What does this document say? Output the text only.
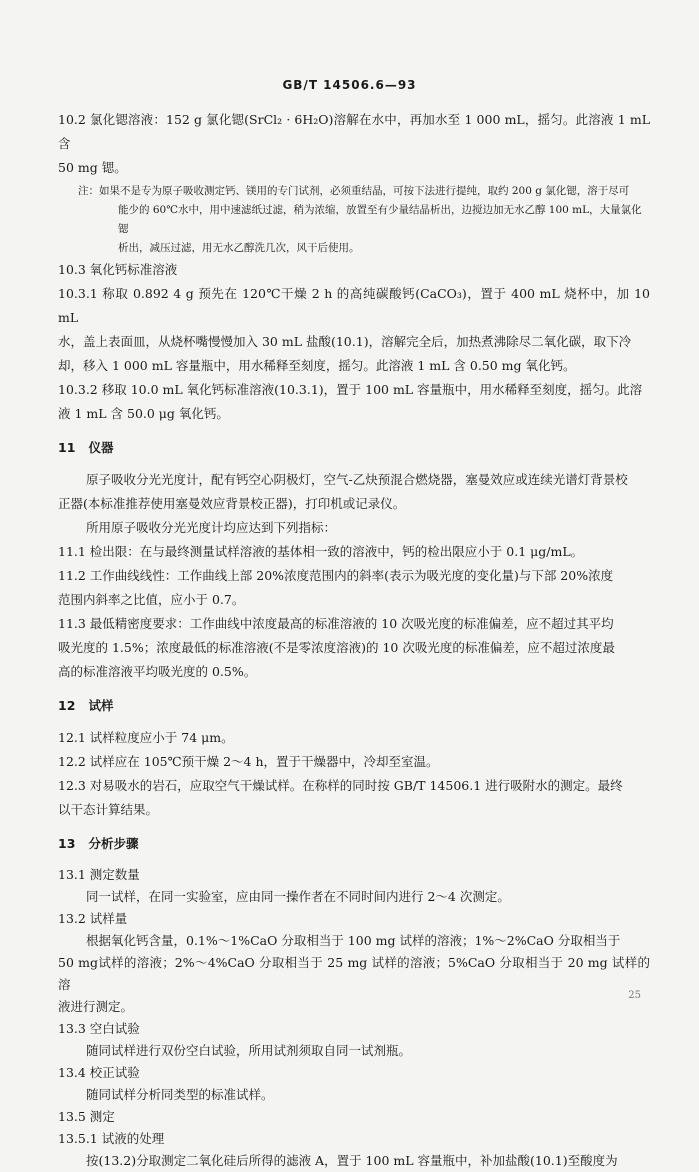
GB/T 14506.6—93

10.2 氯化锶溶液：152 g 氯化锶(SrCl₂ · 6H₂O)溶解在水中，再加水至 1 000 mL，摇匀。此溶液 1 mL 含

50 mg 锶。

注：如果不是专为原子吸收测定钙、镁用的专门试剂，必须重结晶，可按下法进行提纯，取约 200 g 氯化锶，溶于尽可
能少的 60℃水中，用中速滤纸过滤，稍为浓缩，放置至有少量结晶析出，边搅边加无水乙醇 100 mL，大量氯化锶
析出，减压过滤，用无水乙醇洗几次，风干后使用。

10.3 氧化钙标准溶液

10.3.1 称取 0.892 4 g 预先在 120℃干燥 2 h 的高纯碳酸钙(CaCO₃)，置于 400 mL 烧杯中，加 10 mL

水，盖上表面皿，从烧杯嘴慢慢加入 30 mL 盐酸(10.1)，溶解完全后，加热煮沸除尽二氧化碳，取下冷

却，移入 1 000 mL 容量瓶中，用水稀释至刻度，摇匀。此溶液 1 mL 含 0.50 mg 氧化钙。

10.3.2 移取 10.0 mL 氧化钙标准溶液(10.3.1)，置于 100 mL 容量瓶中，用水稀释至刻度，摇匀。此溶

液 1 mL 含 50.0 μg 氧化钙。

11 仪器

原子吸收分光光度计，配有钙空心阴极灯，空气-乙炔预混合燃烧器，塞曼效应或连续光谱灯背景校

正器(本标准推荐使用塞曼效应背景校正器)，打印机或记录仪。

所用原子吸收分光光度计均应达到下列指标：

11.1 检出限：在与最终测量试样溶液的基体相一致的溶液中，钙的检出限应小于 0.1 μg/mL。

11.2 工作曲线线性：工作曲线上部 20%浓度范围内的斜率(表示为吸光度的变化量)与下部 20%浓度

范围内斜率之比值，应小于 0.7。

11.3 最低精密度要求：工作曲线中浓度最高的标准溶液的 10 次吸光度的标准偏差，应不超过其平均

吸光度的 1.5%；浓度最低的标准溶液(不是零浓度溶液)的 10 次吸光度的标准偏差，应不超过浓度最

高的标准溶液平均吸光度的 0.5%。

12 试样

12.1 试样粒度应小于 74 μm。

12.2 试样应在 105℃预干燥 2～4 h，置于干燥器中，冷却至室温。

12.3 对易吸水的岩石，应取空气干燥试样。在称样的同时按 GB/T 14506.1 进行吸附水的测定。最终

以干态计算结果。

13 分析步骤

13.1 测定数量

同一试样，在同一实验室，应由同一操作者在不同时间内进行 2～4 次测定。

13.2 试样量

根据氧化钙含量，0.1%～1%CaO 分取相当于 100 mg 试样的溶液；1%～2%CaO 分取相当于

50 mg试样的溶液；2%～4%CaO 分取相当于 25 mg 试样的溶液；5%CaO 分取相当于 20 mg 试样的溶

液进行测定。

13.3 空白试验

随同试样进行双份空白试验，所用试剂须取自同一试剂瓶。

13.4 校正试验

随同试样分析同类型的标准试样。

13.5 测定

13.5.1 试液的处理

按(13.2)分取测定二氧化硅后所得的滤液 A，置于 100 mL 容量瓶中，补加盐酸(10.1)至酸度为

25
